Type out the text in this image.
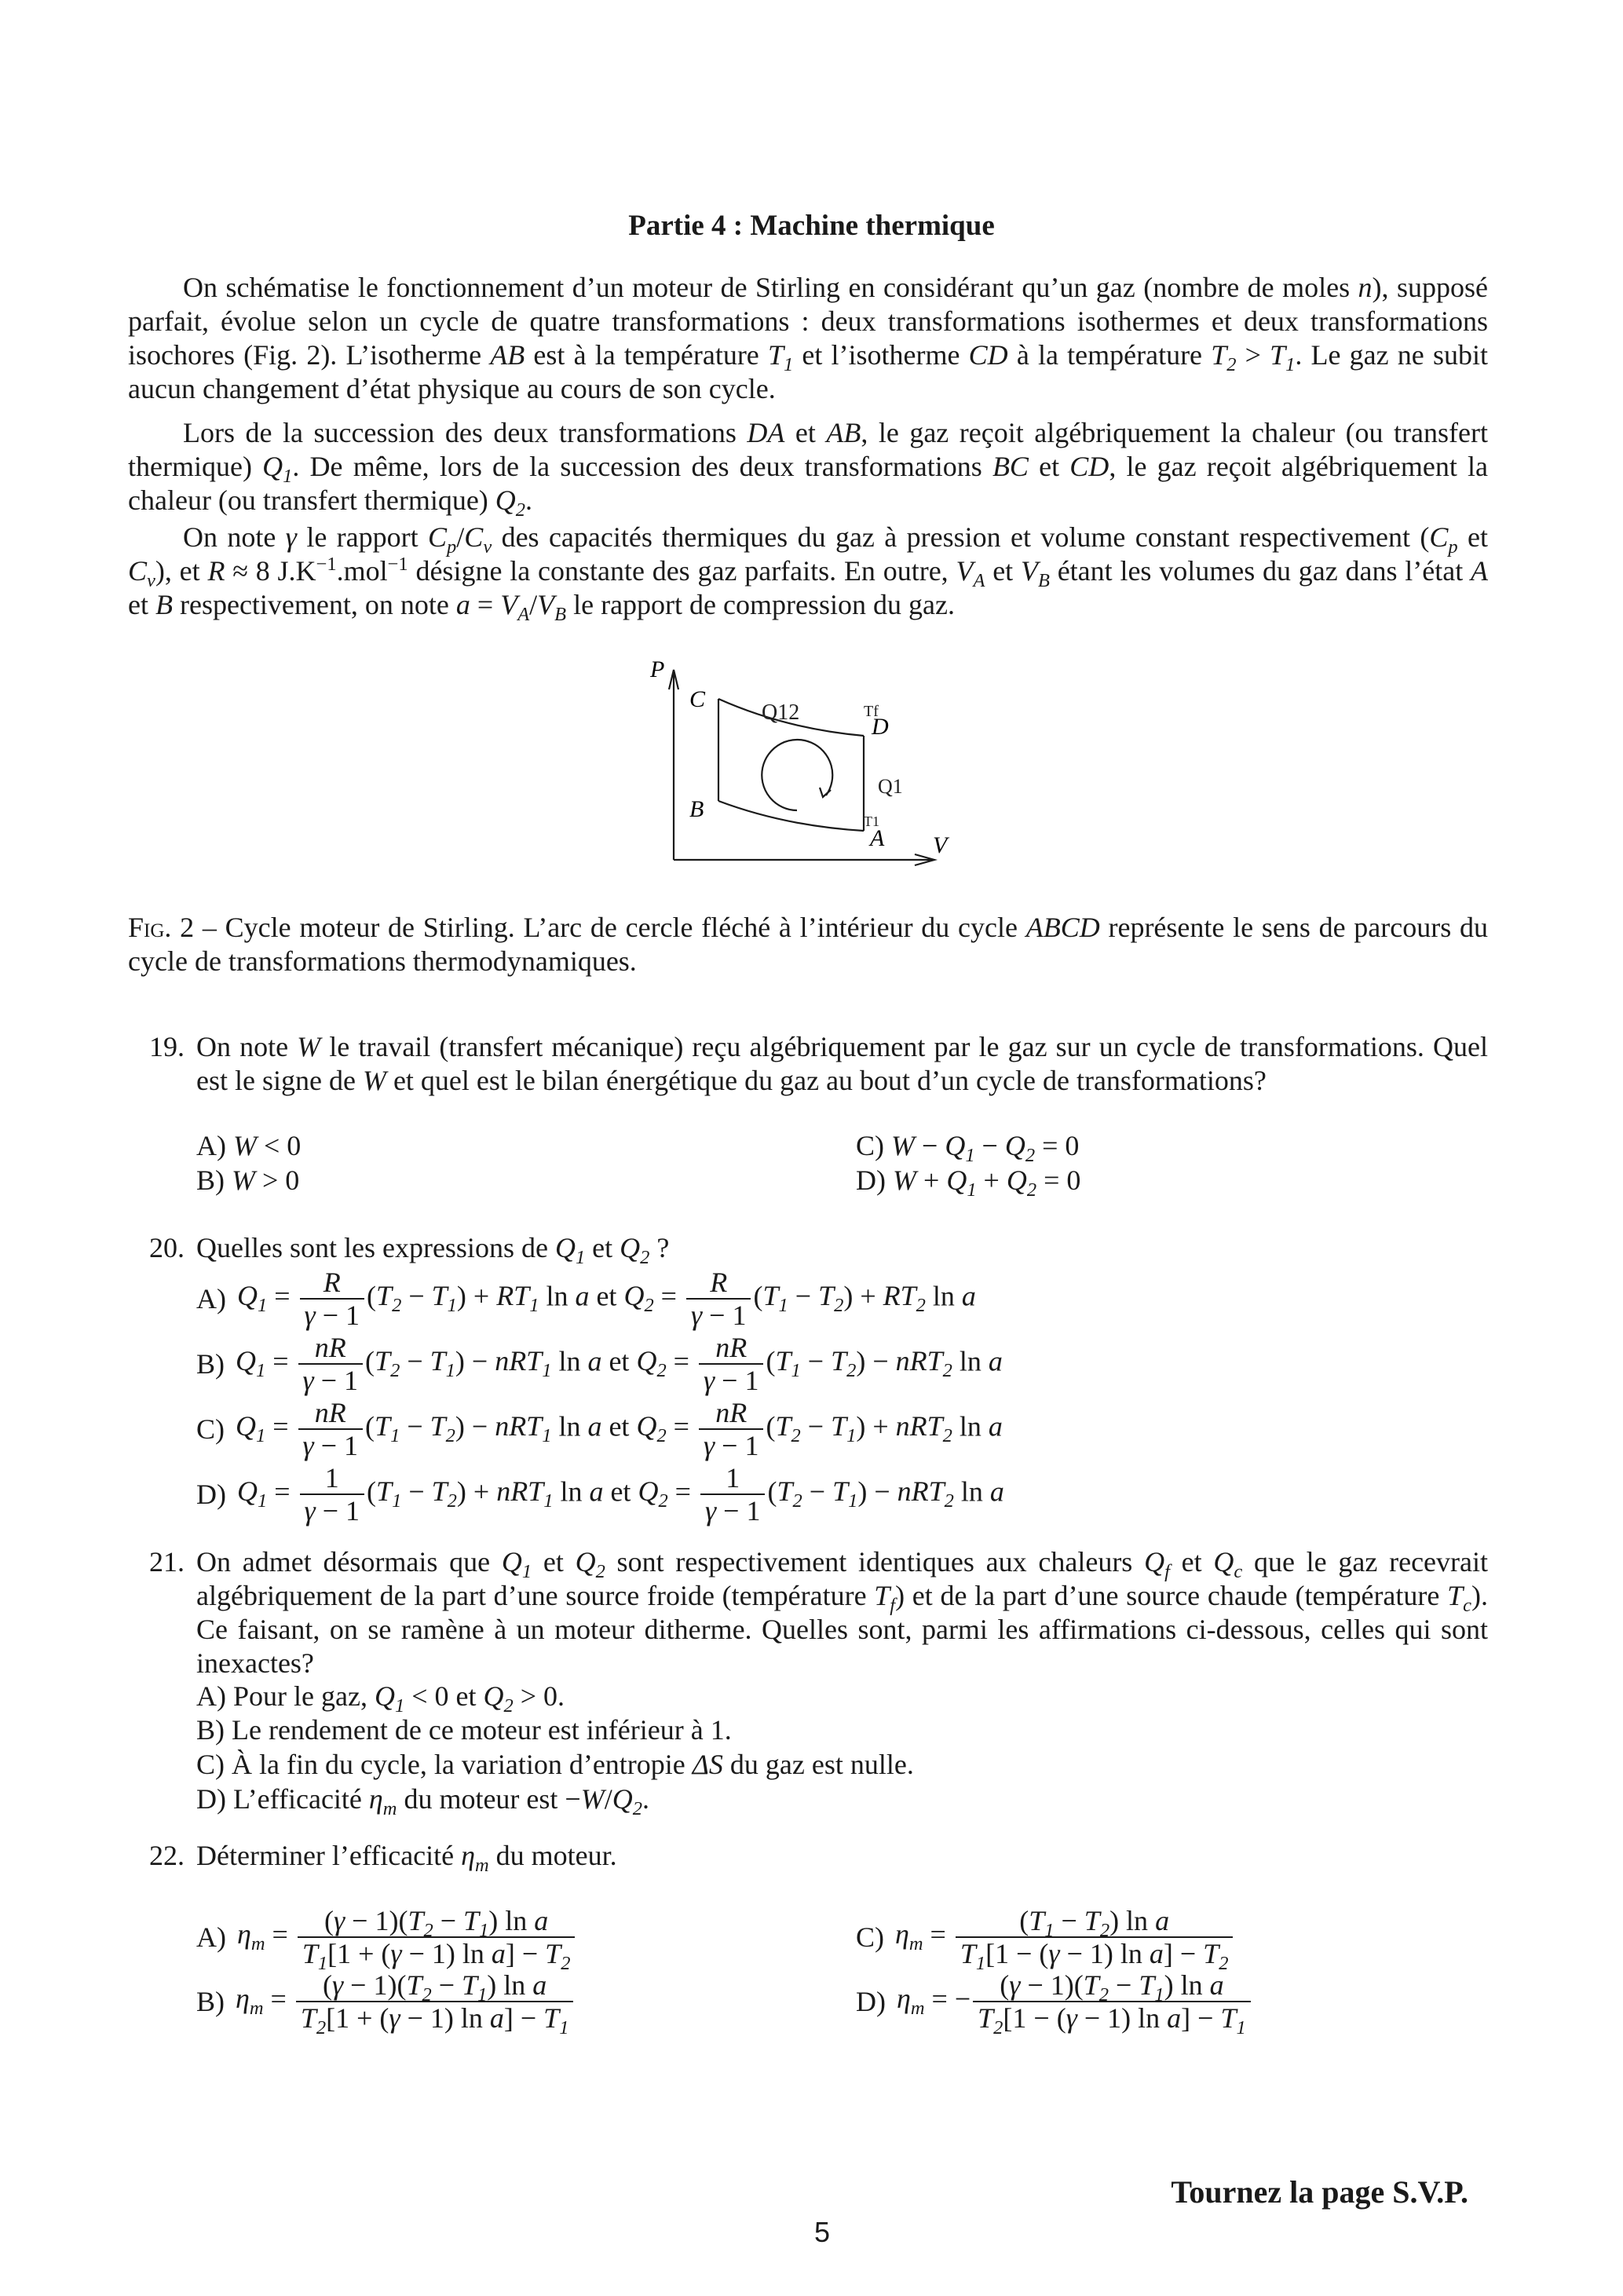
Partie 4 : Machine thermique
On schématise le fonctionnement d’un moteur de Stirling en considérant qu’un gaz (nombre de moles n), supposé parfait, évolue selon un cycle de quatre transformations : deux transformations isothermes et deux transformations isochores (Fig. 2). L’isotherme AB est à la température $T_1$ et l’isotherme CD à la température $T_2 > T_1$. Le gaz ne subit aucun changement d’état physique au cours de son cycle.
Lors de la succession des deux transformations DA et AB, le gaz reçoit algébriquement la chaleur (ou transfert thermique) $Q_1$. De même, lors de la succession des deux transformations BC et CD, le gaz reçoit algébriquement la chaleur (ou transfert thermique) $Q_2$.
On note γ le rapport $C_p/C_v$ des capacités thermiques du gaz à pression et volume constant respectivement ($C_p$ et $C_v$), et R ≈ 8 $J.K^{-1}.mol^{-1}$ désigne la constante des gaz parfaits. En outre, $V_A$ et $V_B$ étant les volumes du gaz dans l’état A et B respectivement, on note $a = V_A/V_B$ le rapport de compression du gaz.
P
C
D
B
A V
Q12	Tf
Q1
T1
Fig. 2 – Cycle moteur de Stirling. L’arc de cercle fléché à l’intérieur du cycle ABCD représente le sens de parcours du cycle de transformations thermodynamiques.
19. On note W le travail (transfert mécanique) reçu algébriquement par le gaz sur un cycle de transformations. Quel est le signe de W et quel est le bilan énergétique du gaz au bout d’un cycle de transformations?
A) W < 0
B) W > 0
C) $W - Q_1 - Q_2 = 0$
D) $W + Q_1 + Q_2 = 0$
20. Quelles sont les expressions de $Q_1$ et $Q_2$ ?
A) $Q_1 = \frac{R}{\gamma - 1} (T_2 - T_1) + RT_1$ ln a et $Q_2 = \frac{R}{\gamma - 1} (T_1 - T_2) + RT_2$ ln a
B) $Q_1 = \frac{nR}{\gamma - 1} (T_2 - T_1) - nRT_1$ ln a et $Q_2 = \frac{nR}{\gamma - 1} (T_1 - T_2) - nRT_2$ ln a
C) $Q_1 = \frac{nR}{\gamma - 1} (T_1 - T_2) - nRT_1$ ln a et $Q_2 = \frac{nR}{\gamma - 1} (T_2 - T_1) + nRT_2$ ln a
D) $Q_1 = \frac{1}{\gamma - 1} (T_1 - T_2) + nRT_1$ ln a et $Q_2 = \frac{1}{\gamma - 1} (T_2 - T_1) - nRT_2$ ln a
21. On admet désormais que $Q_1$ et $Q_2$ sont respectivement identiques aux chaleurs $Q_f$ et $Q_c$ que le gaz recevrait algébriquement de la part d’une source froide (température $T_f$) et de la part d’une source chaude (température $T_c$). Ce faisant, on se ramène à un moteur ditherme. Quelles sont, parmi les affirmations ci-dessous, celles qui sont inexactes?
A) Pour le gaz, $Q_1 < 0$ et $Q_2 > 0$.
B) Le rendement de ce moteur est inférieur à 1.
C) À la fin du cycle, la variation d’entropie ΔS du gaz est nulle.
D) L’efficacité $\eta_m$ du moteur est $-W/Q_2$.
22. Déterminer l’efficacité $\eta_m$ du moteur.
A) $\eta_m = \frac{(\gamma - 1)(T_2 - T_1) \ln a}{T_1[1 + (\gamma - 1) \ln a] - T_2}$
B) $\eta_m = \frac{(\gamma - 1)(T_2 - T_1) \ln a}{T_2[1 + (\gamma - 1) \ln a] - T_1}$
C) $\eta_m = \frac{(T_1 - T_2) \ln a}{T_1[1 - (\gamma - 1) \ln a] - T_2}$
D) $\eta_m$ = − $\frac{(\gamma - 1)(T_2 - T_1) \ln a}{T_2[1 - (\gamma - 1) \ln a] - T_1}$
Tournez la page S.V.P.
5
